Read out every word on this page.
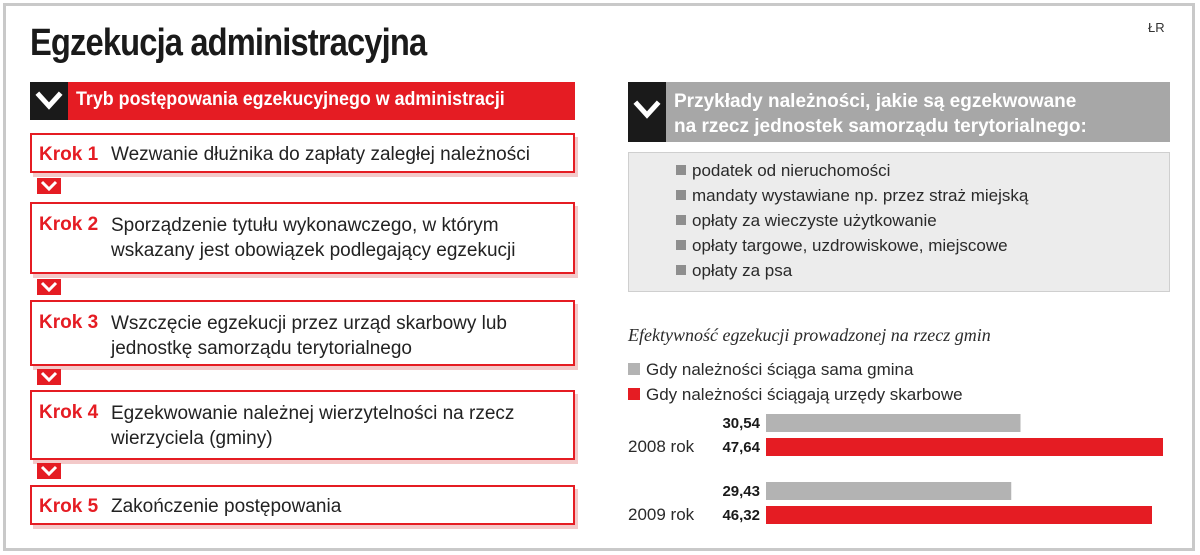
ŁR
Egzekucja administracyjna
Tryb postępowania egzekucyjnego w administracji
Krok 1 Wezwanie dłużnika do zapłaty zaległej należności
Krok 2 Sporządzenie tytułu wykonawczego, w którym
wskazany jest obowiązek podlegający egzekucji
Krok 3 Wszczęcie egzekucji przez urząd skarbowy lub
jednostkę samorządu terytorialnego
Krok 4 Egzekwowanie należnej wierzytelności na rzecz
wierzyciela (gminy)
Krok 5 Zakończenie postępowania
Przykłady należności, jakie są egzekwowane
na rzecz jednostek samorządu terytorialnego:
podatek od nieruchomości
mandaty wystawiane np. przez straż miejską
opłaty za wieczyste użytkowanie
opłaty targowe, uzdrowiskowe, miejscowe
opłaty za psa
Efektywność egzekucji prowadzonej na rzecz gmin
Gdy należności ściąga sama gmina
Gdy należności ściągają urzędy skarbowe
30,54
47,64
2008 rok
29,43
46,32
2009 rok
